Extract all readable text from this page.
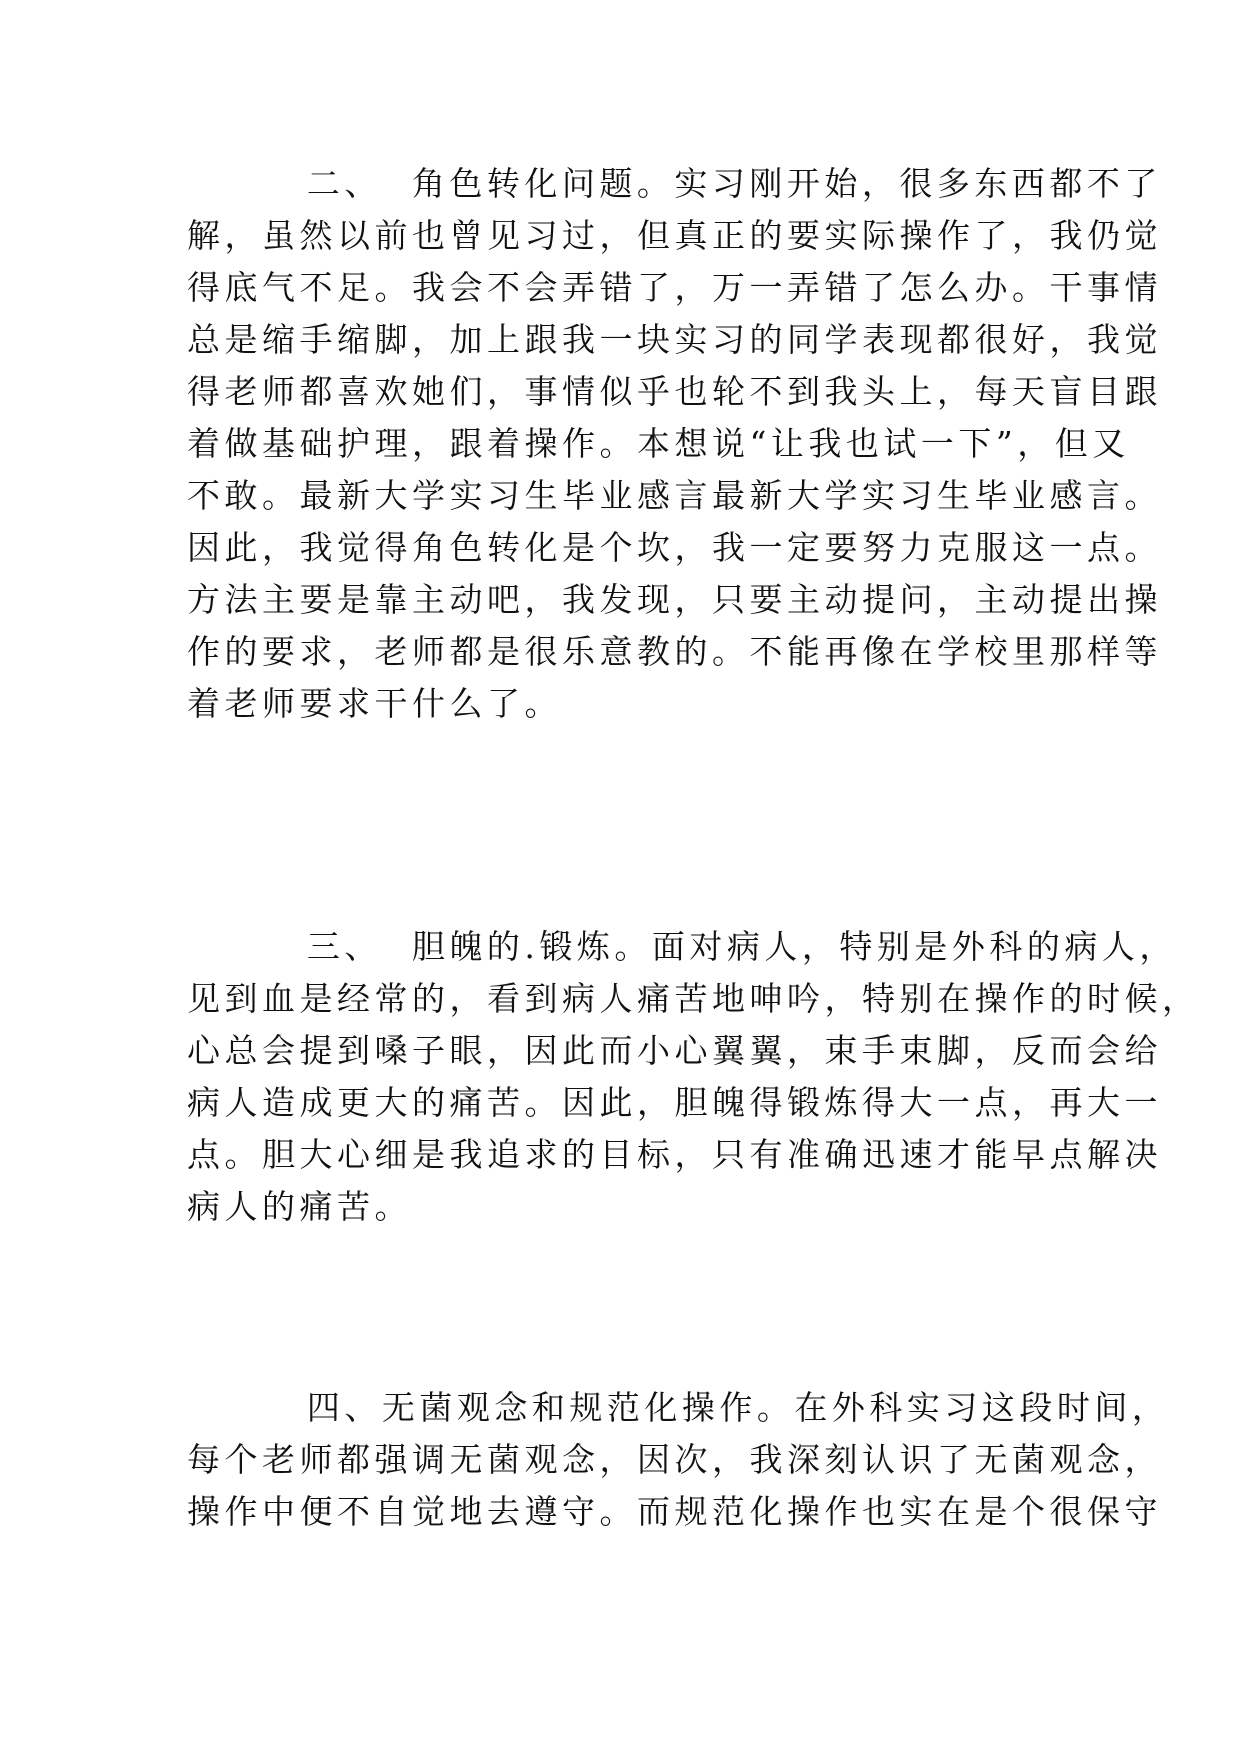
二、  角色转化问题。实习刚开始，很多东西都不了
解，虽然以前也曾见习过，但真正的要实际操作了，我仍觉
得底气不足。我会不会弄错了，万一弄错了怎么办。干事情
总是缩手缩脚，加上跟我一块实习的同学表现都很好，我觉
得老师都喜欢她们，事情似乎也轮不到我头上，每天盲目跟
着做基础护理，跟着操作。本想说“让我也试一下”，但又
不敢。最新大学实习生毕业感言最新大学实习生毕业感言。
因此，我觉得角色转化是个坎，我一定要努力克服这一点。
方法主要是靠主动吧，我发现，只要主动提问，主动提出操
作的要求，老师都是很乐意教的。不能再像在学校里那样等
着老师要求干什么了。
三、  胆魄的.锻炼。面对病人，特别是外科的病人，
见到血是经常的，看到病人痛苦地呻吟，特别在操作的时候，
心总会提到嗓子眼，因此而小心翼翼，束手束脚，反而会给
病人造成更大的痛苦。因此，胆魄得锻炼得大一点，再大一
点。胆大心细是我追求的目标，只有准确迅速才能早点解决
病人的痛苦。
四、无菌观念和规范化操作。在外科实习这段时间，
每个老师都强调无菌观念，因次，我深刻认识了无菌观念，
操作中便不自觉地去遵守。而规范化操作也实在是个很保守
